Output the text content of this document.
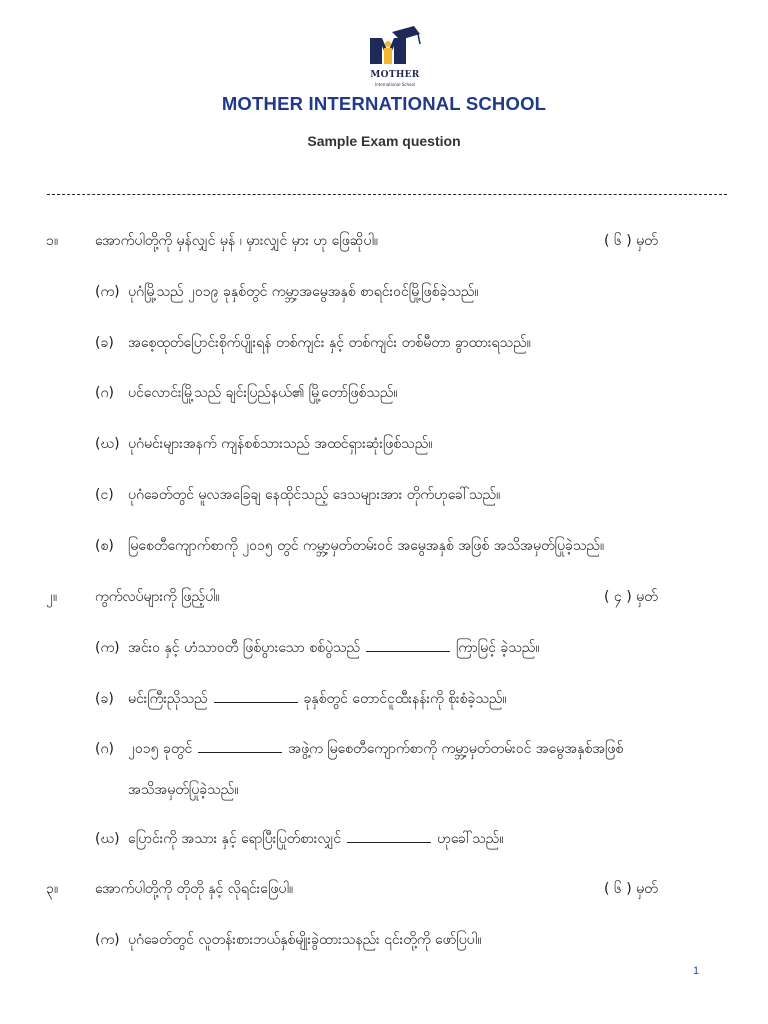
MOTHER
International School
MOTHER INTERNATIONAL SCHOOL
Sample Exam question
၁။	အောက်ပါတို့ကို မှန်လျှင် မှန် ၊ မှားလျှင် မှား ဟု ဖြေဆိုပါ။	( ၆ ) မှတ်
(က) ပုဂံမြို့သည် ၂၀၁၉ ခုနှစ်တွင် ကမ္ဘာ့အမွေအနှစ် စာရင်းဝင်မြို့ဖြစ်ခဲ့သည်။
(ခ) အစေ့ထုတ်ပြောင်းစိုက်ပျိုးရန် တစ်ကျင်း နှင့် တစ်ကျင်း တစ်မီတာ ခွာထားရသည်။
(ဂ) ပင်လောင်းမြို့သည် ချင်းပြည်နယ်၏ မြို့တော်ဖြစ်သည်။
(ဃ) ပုဂံမင်းများအနက် ကျန်စစ်သားသည် အထင်ရှားဆုံးဖြစ်သည်။
(င) ပုဂံခေတ်တွင် မူလအခြေချ နေထိုင်သည့် ဒေသများအား တိုက်ဟုခေါ်သည်။
(စ) မြစေတီကျောက်စာကို ၂၀၁၅ တွင် ကမ္ဘာ့မှတ်တမ်းဝင် အမွေအနှစ် အဖြစ် အသိအမှတ်ပြုခဲ့သည်။
၂။	ကွက်လပ်များကို ဖြည့်ပါ။	( ၄ ) မှတ်
(က) အင်း၀ နှင့် ဟံသာဝတီ ဖြစ်ပွားသော စစ်ပွဲသည်	ကြာမြင့် ခဲ့သည်။
(ခ) မင်းကြီးညိုသည်	ခုနှစ်တွင် တောင်ငူထီးနန်းကို စိုးစံခဲ့သည်။
(ဂ) ၂၀၁၅ ခုတွင်	အဖွဲ့က မြစေတီကျောက်စာကို ကမ္ဘာ့မှတ်တမ်းဝင် အမွေအနှစ်အဖြစ်
အသိအမှတ်ပြုခဲ့သည်။
(ဃ) ပြောင်းကို အသား နှင့် ရောပြီးပြုတ်စားလျှင်	ဟုခေါ်သည်။
၃။	အောက်ပါတို့ကို တိုတို နှင့် လိုရင်းဖြေပါ။	( ၆ ) မှတ်
(က) ပုဂံခေတ်တွင် လူတန်းစားဘယ်နှစ်မျိုးခွဲထားသနည်း ၎င်းတို့ကို ဖော်ပြပါ။
1
